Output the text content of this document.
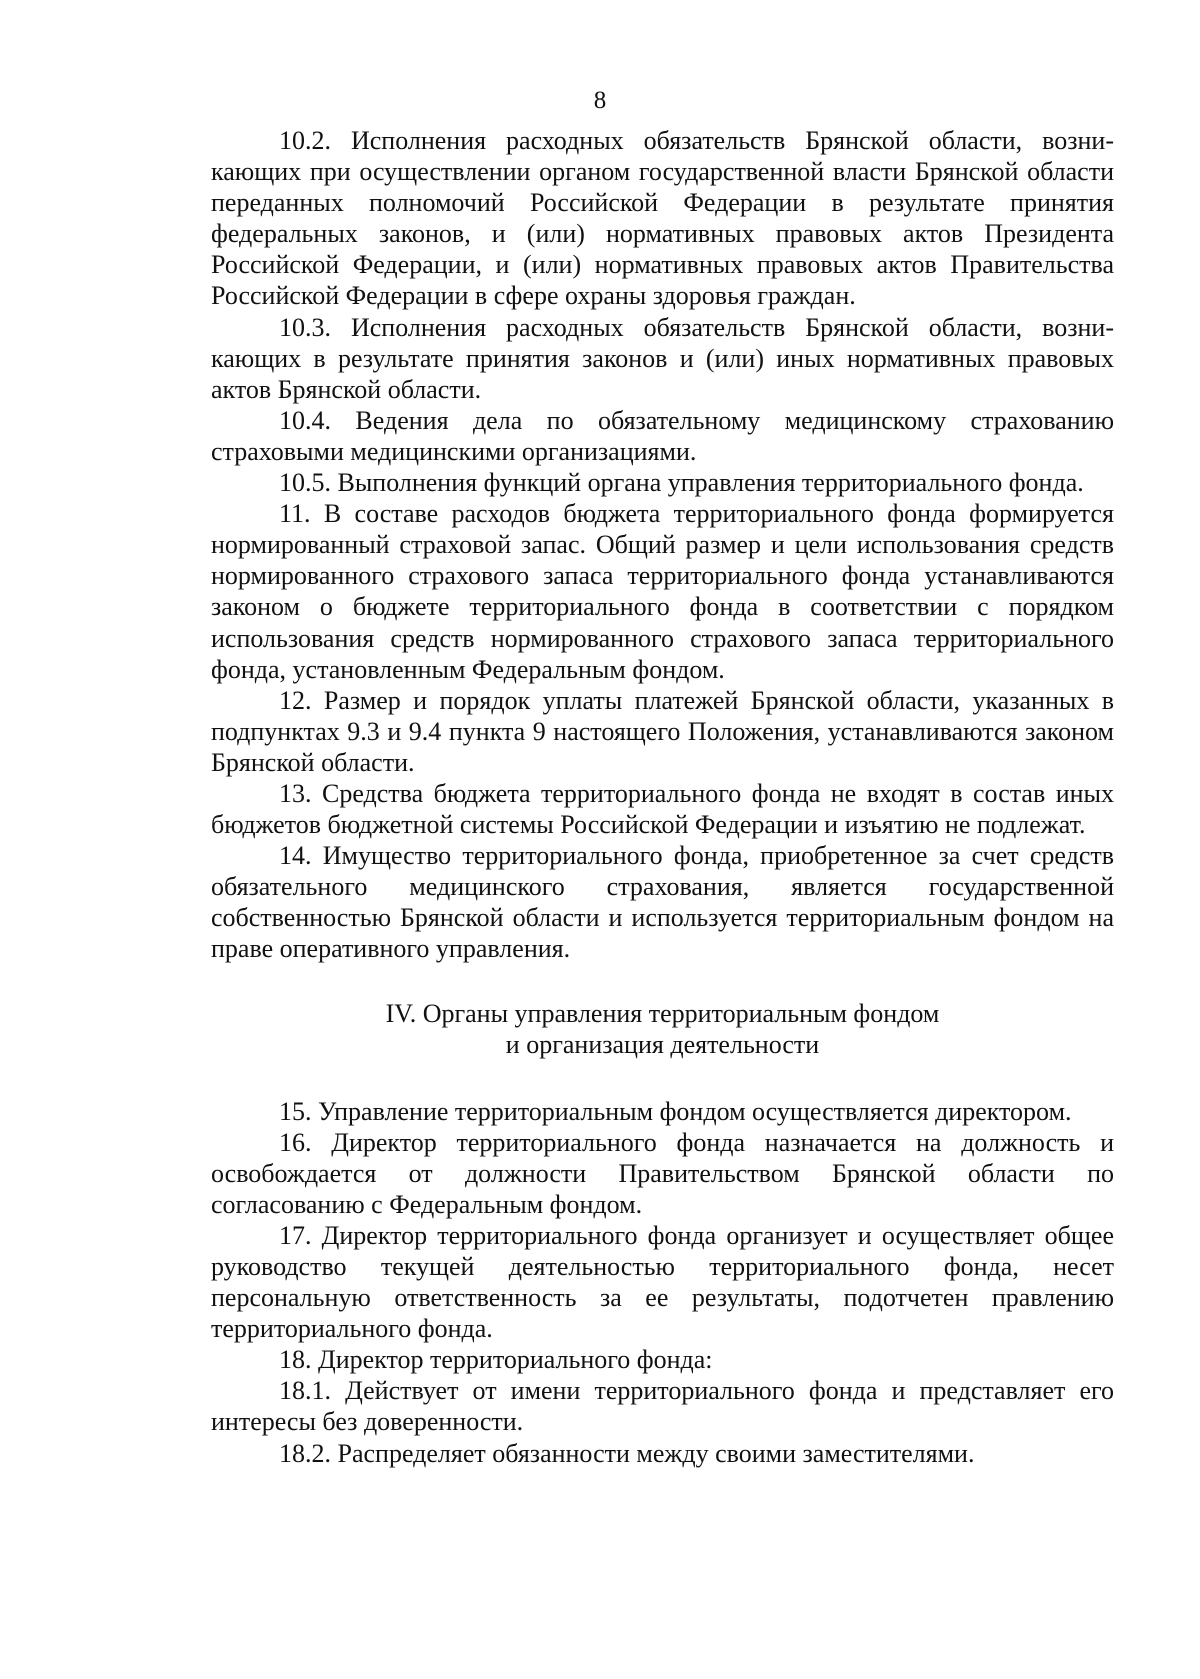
8

10.2. Исполнения расходных обязательств Брянской области, возникающих при осуществлении органом государственной власти Брянской области переданных полномочий Российской Федерации в результате принятия федеральных законов, и (или) нормативных правовых актов Президента Российской Федерации, и (или) нормативных правовых актов Правительства Российской Федерации в сфере охраны здоровья граждан.

10.3. Исполнения расходных обязательств Брянской области, возникающих в результате принятия законов и (или) иных нормативных правовых актов Брянской области.

10.4. Ведения дела по обязательному медицинскому страхованию страховыми медицинскими организациями.

10.5. Выполнения функций органа управления территориального фонда.

11. В составе расходов бюджета территориального фонда формируется нормированный страховой запас. Общий размер и цели использования средств нормированного страхового запаса территориального фонда устанавливаются законом о бюджете территориального фонда в соответствии с порядком использования средств нормированного страхового запаса территориального фонда, установленным Федеральным фондом.

12. Размер и порядок уплаты платежей Брянской области, указанных в подпунктах 9.3 и 9.4 пункта 9 настоящего Положения, устанавливаются законом Брянской области.

13. Средства бюджета территориального фонда не входят в состав иных бюджетов бюджетной системы Российской Федерации и изъятию не подлежат.

14. Имущество территориального фонда, приобретенное за счет средств обязательного медицинского страхования, является государственной собственностью Брянской области и используется территориальным фондом на праве оперативного управления.

IV. Органы управления территориальным фондом
и организация деятельности

15. Управление территориальным фондом осуществляется директором.

16. Директор территориального фонда назначается на должность и освобождается от должности Правительством Брянской области по согласованию с Федеральным фондом.

17. Директор территориального фонда организует и осуществляет общее руководство текущей деятельностью территориального фонда, несет персональную ответственность за ее результаты, подотчетен правлению территориального фонда.

18. Директор территориального фонда:

18.1. Действует от имени территориального фонда и представляет его интересы без доверенности.

18.2. Распределяет обязанности между своими заместителями.
